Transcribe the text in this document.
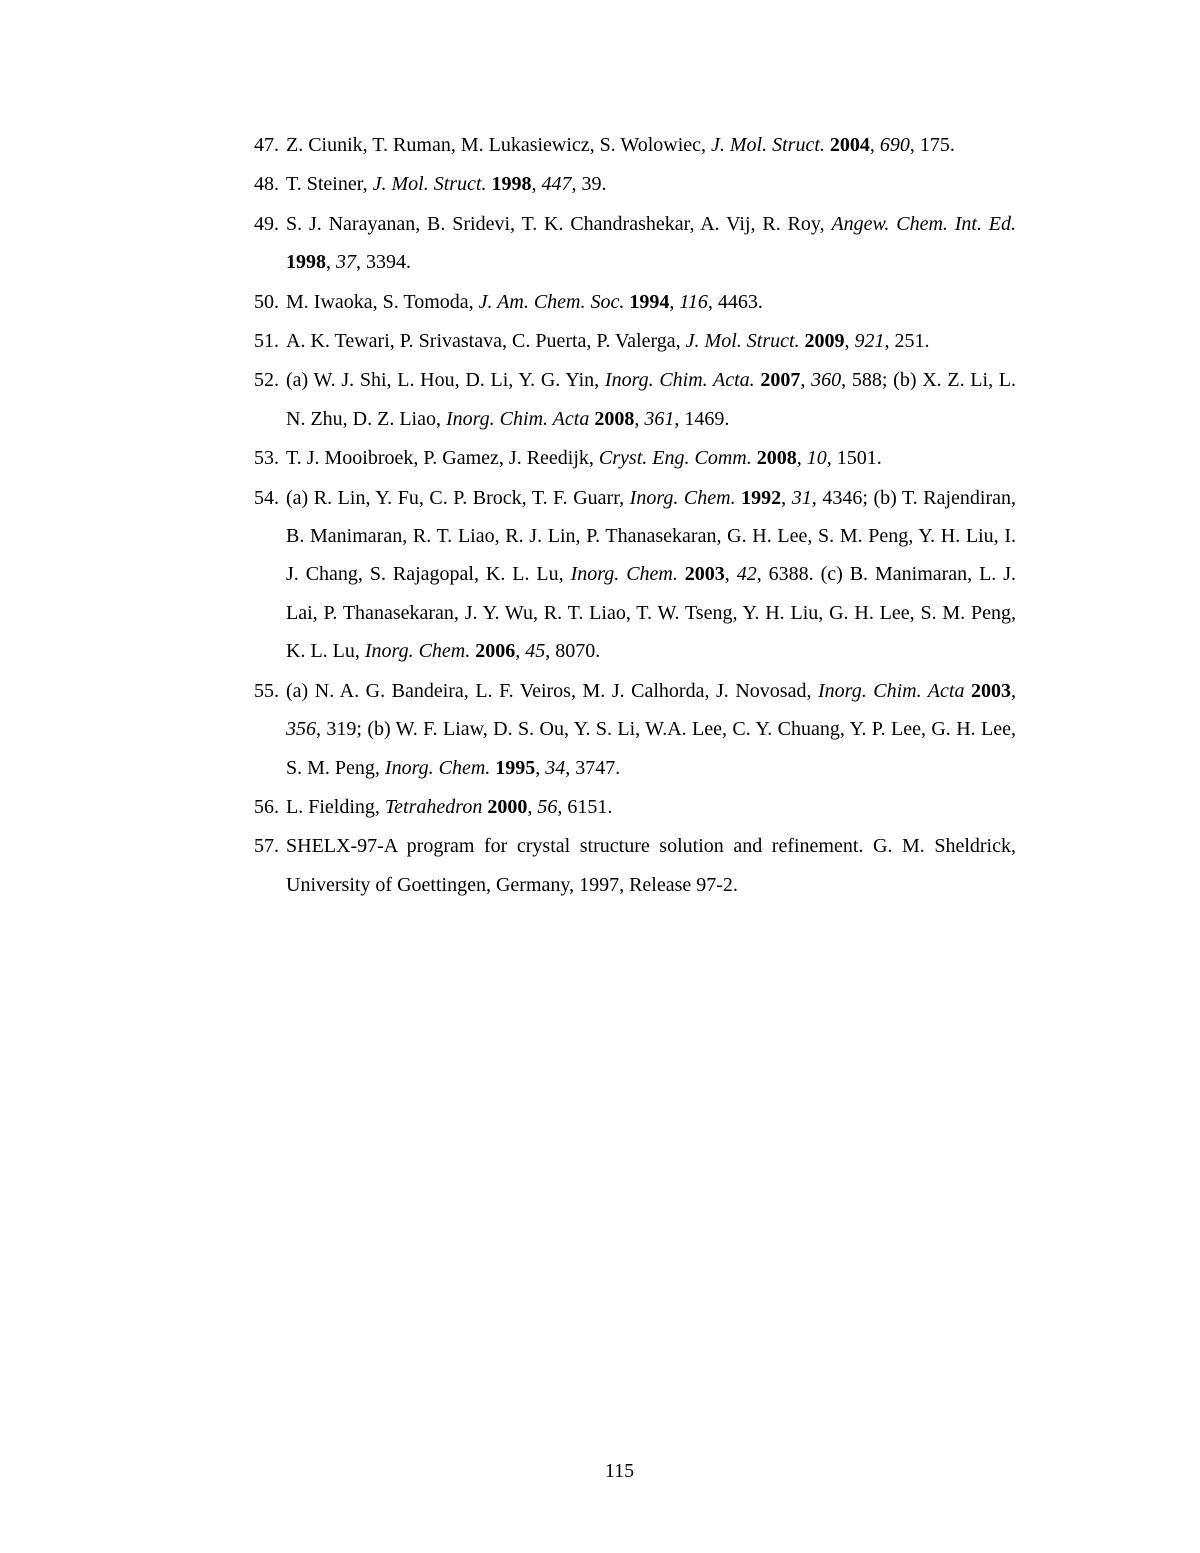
47. Z. Ciunik, T. Ruman, M. Lukasiewicz, S. Wolowiec, J. Mol. Struct. 2004, 690, 175.
48. T. Steiner, J. Mol. Struct. 1998, 447, 39.
49. S. J. Narayanan, B. Sridevi, T. K. Chandrashekar, A. Vij, R. Roy, Angew. Chem. Int. Ed. 1998, 37, 3394.
50. M. Iwaoka, S. Tomoda, J. Am. Chem. Soc. 1994, 116, 4463.
51. A. K. Tewari, P. Srivastava, C. Puerta, P. Valerga, J. Mol. Struct. 2009, 921, 251.
52. (a) W. J. Shi, L. Hou, D. Li, Y. G. Yin, Inorg. Chim. Acta. 2007, 360, 588; (b) X. Z. Li, L. N. Zhu, D. Z. Liao, Inorg. Chim. Acta 2008, 361, 1469.
53. T. J. Mooibroek, P. Gamez, J. Reedijk, Cryst. Eng. Comm. 2008, 10, 1501.
54. (a) R. Lin, Y. Fu, C. P. Brock, T. F. Guarr, Inorg. Chem. 1992, 31, 4346; (b) T. Rajendiran, B. Manimaran, R. T. Liao, R. J. Lin, P. Thanasekaran, G. H. Lee, S. M. Peng, Y. H. Liu, I. J. Chang, S. Rajagopal, K. L. Lu, Inorg. Chem. 2003, 42, 6388. (c) B. Manimaran, L. J. Lai, P. Thanasekaran, J. Y. Wu, R. T. Liao, T. W. Tseng, Y. H. Liu, G. H. Lee, S. M. Peng, K. L. Lu, Inorg. Chem. 2006, 45, 8070.
55. (a) N. A. G. Bandeira, L. F. Veiros, M. J. Calhorda, J. Novosad, Inorg. Chim. Acta 2003, 356, 319; (b) W. F. Liaw, D. S. Ou, Y. S. Li, W.A. Lee, C. Y. Chuang, Y. P. Lee, G. H. Lee, S. M. Peng, Inorg. Chem. 1995, 34, 3747.
56. L. Fielding, Tetrahedron 2000, 56, 6151.
57. SHELX-97-A program for crystal structure solution and refinement. G. M. Sheldrick, University of Goettingen, Germany, 1997, Release 97-2.
115
